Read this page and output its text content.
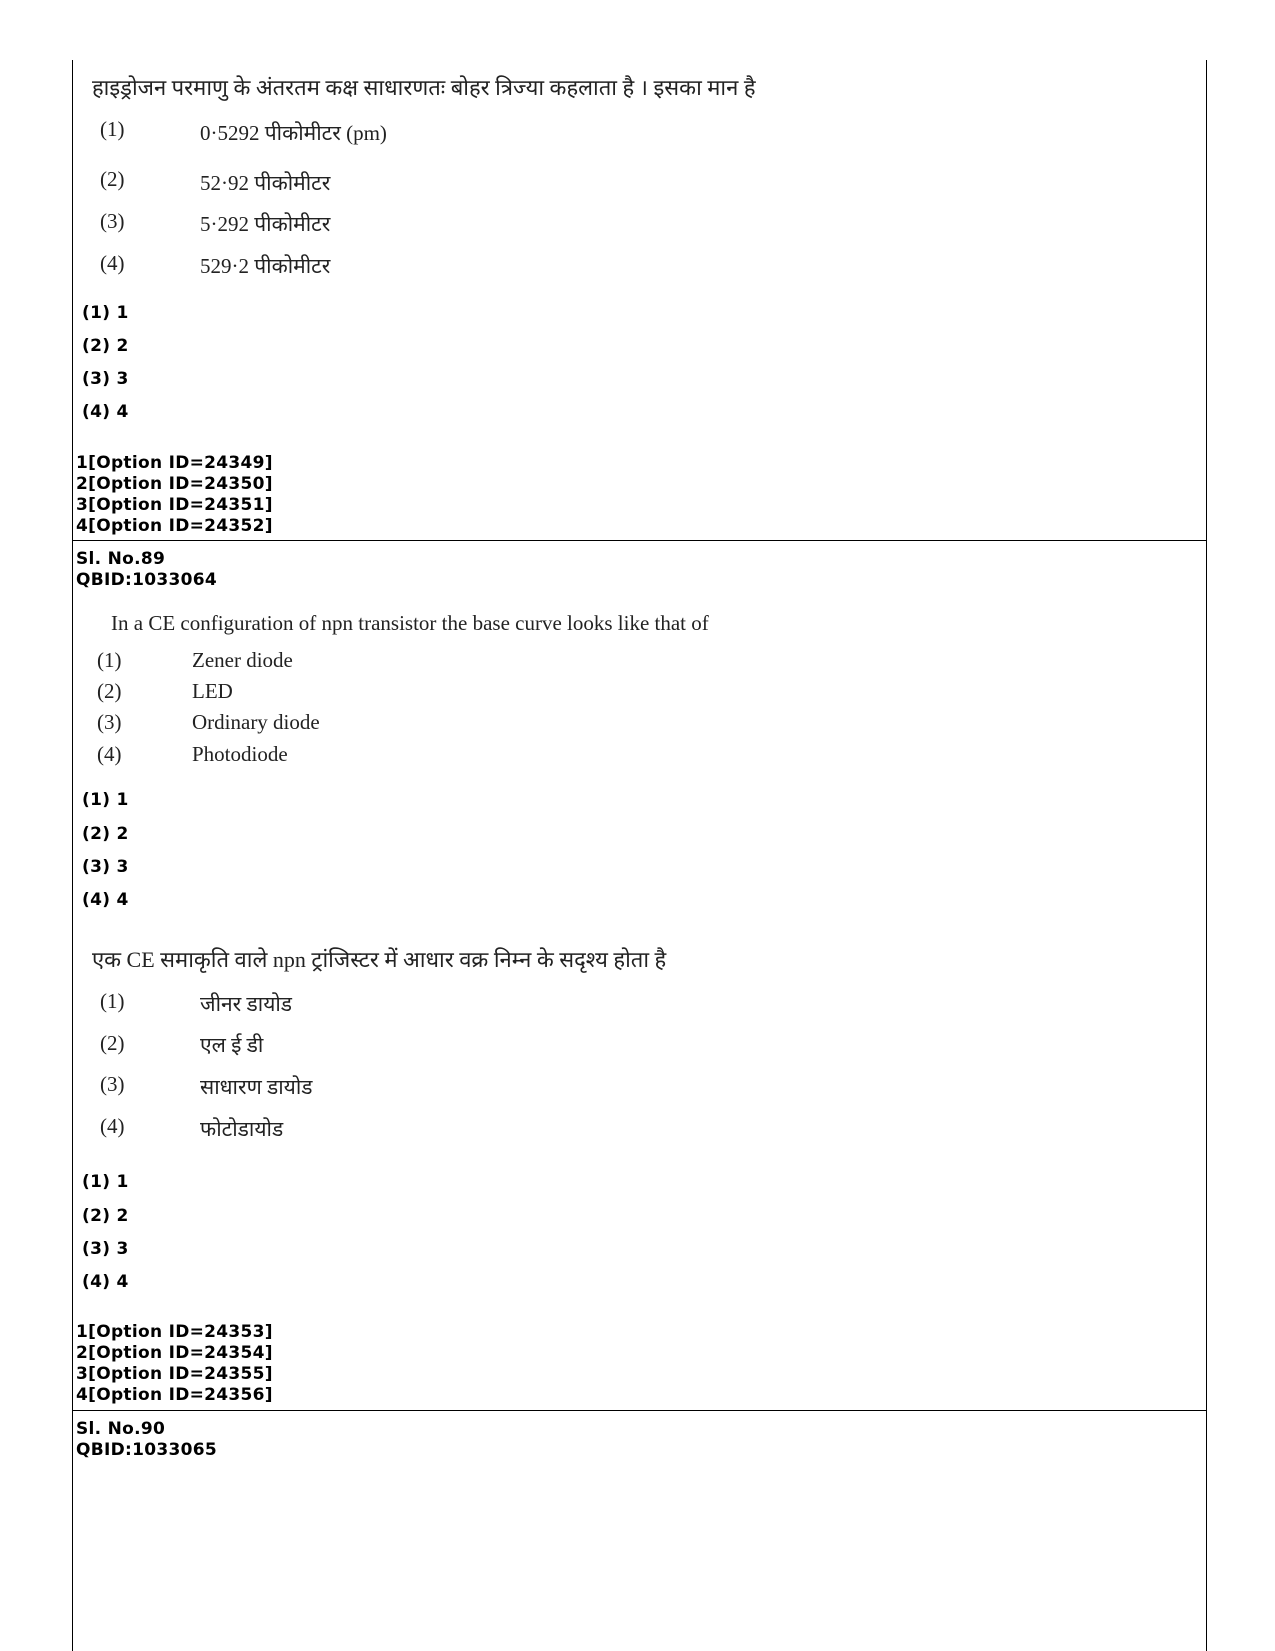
हाइड्रोजन परमाणु के अंतरतम कक्ष साधारणतः बोहर त्रिज्या कहलाता है । इसका मान है
(1)	0·5292 पीकोमीटर (pm)
(2)	52·92 पीकोमीटर
(3)	5·292 पीकोमीटर
(4)	529·2 पीकोमीटर
(1) 1
(2) 2
(3) 3
(4) 4
1[Option ID=24349]
2[Option ID=24350]
3[Option ID=24351]
4[Option ID=24352]
Sl. No.89
QBID:1033064
In a CE configuration of npn transistor the base curve looks like that of
(1)	Zener diode
(2)	LED
(3)	Ordinary diode
(4)	Photodiode
(1) 1
(2) 2
(3) 3
(4) 4
एक CE समाकृति वाले npn ट्रांजिस्टर में आधार वक्र निम्न के सदृश्य होता है
(1)	जीनर डायोड
(2)	एल ई डी
(3)	साधारण डायोड
(4)	फोटोडायोड
(1) 1
(2) 2
(3) 3
(4) 4
1[Option ID=24353]
2[Option ID=24354]
3[Option ID=24355]
4[Option ID=24356]
Sl. No.90
QBID:1033065
